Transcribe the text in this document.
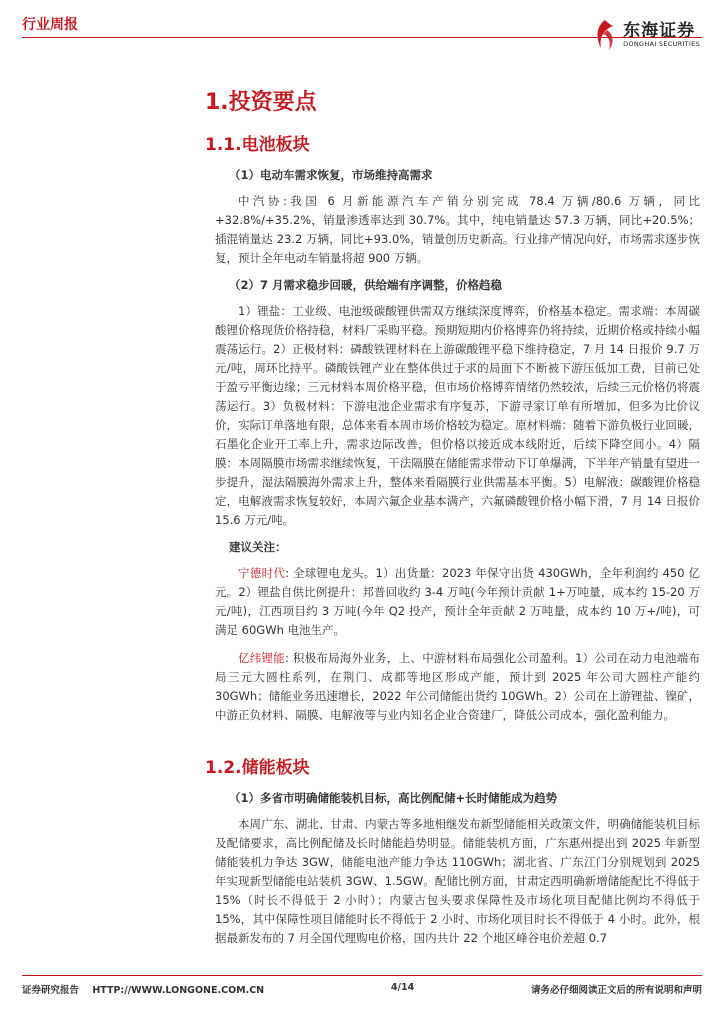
行业周报	东海证券
DONGHAI SECURITIES
1.投资要点
1.1.电池板块
（1）电动车需求恢复，市场维持高需求

中汽协:我国 6 月新能源汽车产销分别完成 78.4 万辆/80.6 万辆，同比+32.8%/+35.2%，销量渗透率达到 30.7%。其中，纯电销量达 57.3 万辆，同比+20.5%；插混销量达 23.2 万辆，同比+93.0%，销量创历史新高。行业排产情况向好，市场需求逐步恢复，预计全年电动车销量将超 900 万辆。

（2）7 月需求稳步回暖，供给端有序调整，价格趋稳

1）锂盐：工业级、电池级碳酸锂供需双方继续深度博弈，价格基本稳定。需求端：本周碳酸锂价格现货价格持稳，材料厂采购平稳。预期短期内价格博弈仍将持续，近期价格或持续小幅震荡运行。2）正极材料：磷酸铁锂材料在上游碳酸锂平稳下维持稳定，7 月 14 日报价 9.7 万元/吨，周环比持平。磷酸铁锂产业在整体供过于求的局面下不断被下游压低加工费，目前已处于盈亏平衡边缘；三元材料本周价格平稳，但市场价格博弈情绪仍然较浓，后续三元价格仍将震荡运行。3）负极材料：下游电池企业需求有序复苏，下游寻家订单有所增加，但多为比价议价，实际订单落地有限，总体来看本周市场价格较为稳定。原材料端：随着下游负极行业回暖，石墨化企业开工率上升，需求边际改善，但价格以接近成本线附近，后续下降空间小。4）隔膜：本周隔膜市场需求继续恢复，干法隔膜在储能需求带动下订单爆满，下半年产销量有望进一步提升，湿法隔膜海外需求上升，整体来看隔膜行业供需基本平衡。5）电解液：碳酸锂价格稳定，电解液需求恢复较好，本周六氟企业基本满产，六氟磷酸锂价格小幅下滑，7 月 14 日报价 15.6 万元/吨。

建议关注：

宁德时代: 全球锂电龙头。1）出货量：2023 年保守出货 430GWh，全年利润约 450 亿元。2）锂盐自供比例提升：邦普回收约 3-4 万吨(今年预计贡献 1+万吨量，成本约 15-20 万元/吨)，江西项目约 3 万吨(今年 Q2 投产，预计全年贡献 2 万吨量，成本约 10 万+/吨)，可满足 60GWh 电池生产。

亿纬锂能: 积极布局海外业务，上、中游材料布局强化公司盈利。1）公司在动力电池端布局三元大圆柱系列，在荆门、成都等地区形成产能，预计到 2025 年公司大圆柱产能约 30GWh；储能业务迅速增长，2022 年公司储能出货约 10GWh。2）公司在上游锂盐、镍矿，中游正负材料、隔膜、电解液等与业内知名企业合资建厂，降低公司成本，强化盈利能力。

1.2.储能板块
（1）多省市明确储能装机目标，高比例配储+长时储能成为趋势

本周广东、湖北、甘肃、内蒙古等多地相继发布新型储能相关政策文件，明确储能装机目标及配储要求，高比例配储及长时储能趋势明显。储能装机方面，广东惠州提出到 2025 年新型储能装机力争达 3GW，储能电池产能力争达 110GWh；湖北省、广东江门分别规划到 2025 年实现新型储能电站装机 3GW、1.5GW。配储比例方面，甘肃定西明确新增储能配比不得低于 15%（时长不得低于 2 小时）；内蒙古包头要求保障性及市场化项目配储比例均不得低于 15%，其中保障性项目储能时长不得低于 2 小时、市场化项目时长不得低于 4 小时。此外，根据最新发布的 7 月全国代理购电价格，国内共计 22 个地区峰谷电价差超 0.7

证券研究报告 HTTP://WWW.LONGONE.COM.CN	4/14	请务必仔细阅读正文后的所有说明和声明
